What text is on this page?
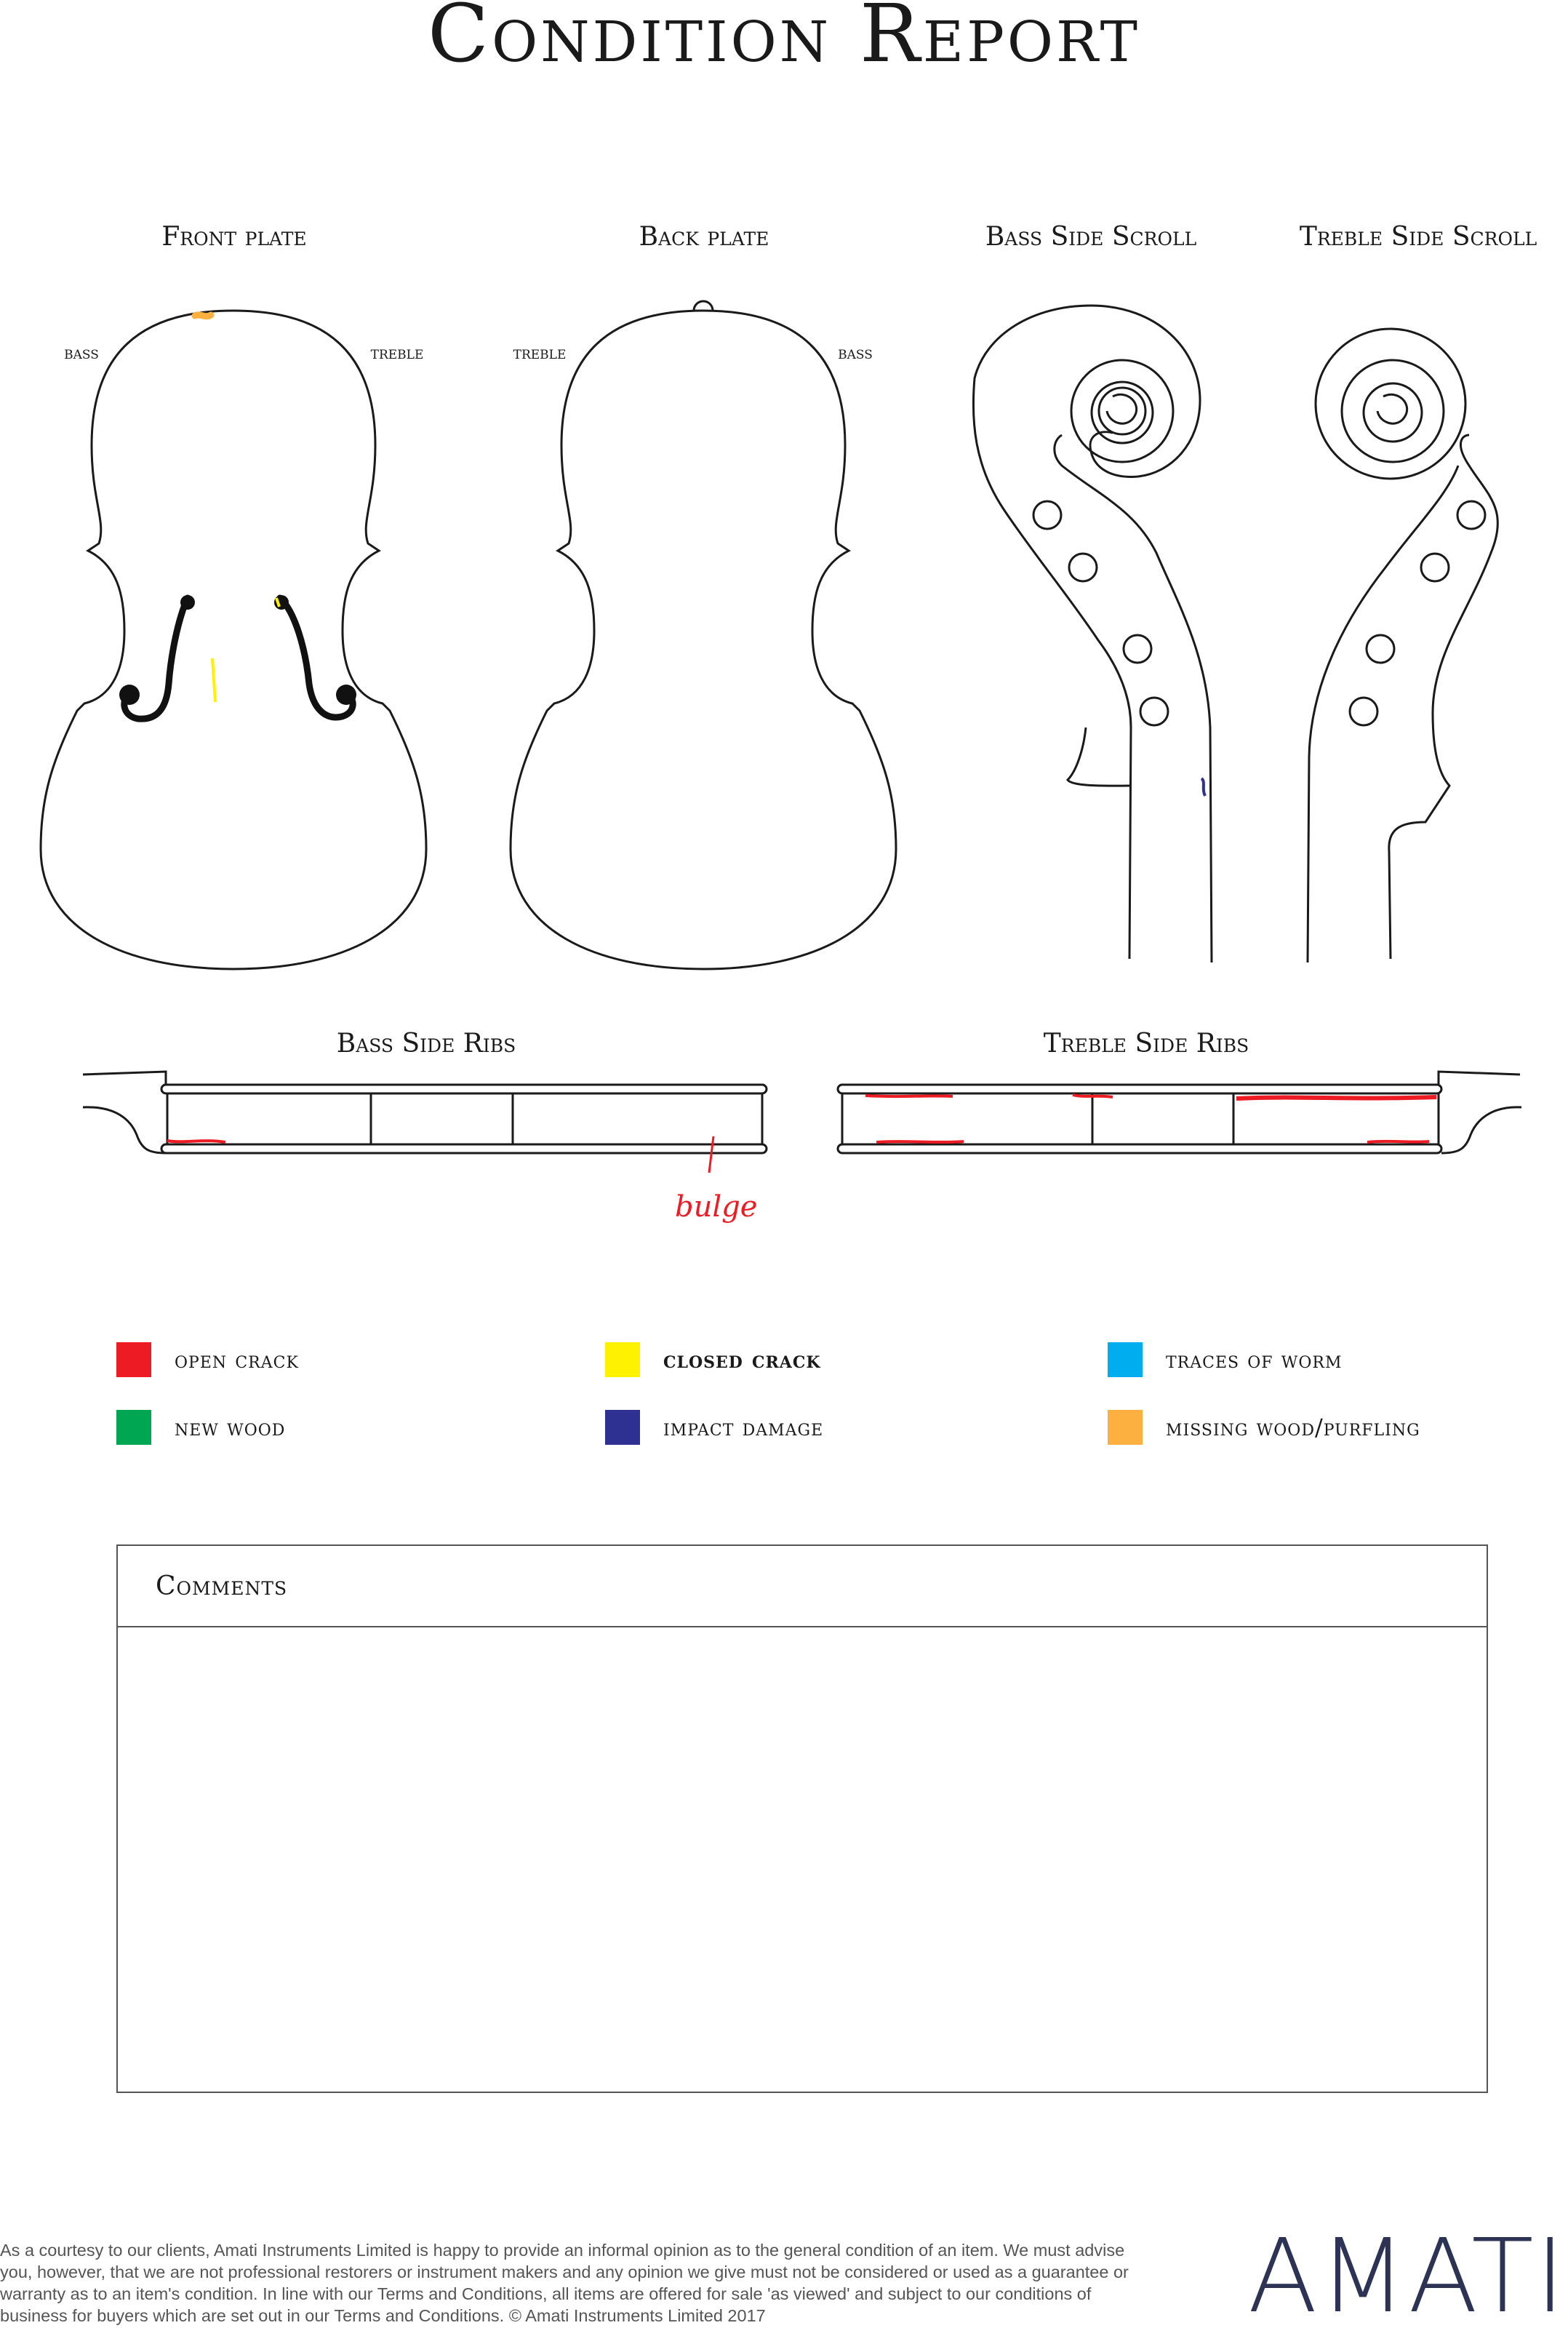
Condition Report
Front plate
bass	treble
Back plate
treble	bass
Bass Side Scroll	Treble Side Scroll
Bass Side Ribs
bulge
Treble Side Ribs
open crack	closed crack	traces of worm
new wood	impact damage	missing wood/purfling
Comments
As a courtesy to our clients, Amati Instruments Limited is happy to provide an informal opinion as to the general condition of an item. We must advise you, however, that we are not professional restorers or instrument makers and any opinion we give must not be considered or used as a guarantee or warranty as to an item's condition. In line with our Terms and Conditions, all items are offered for sale 'as viewed' and subject to our conditions of business for buyers which are set out in our Terms and Conditions. © Amati Instruments Limited 2017	AMATI
